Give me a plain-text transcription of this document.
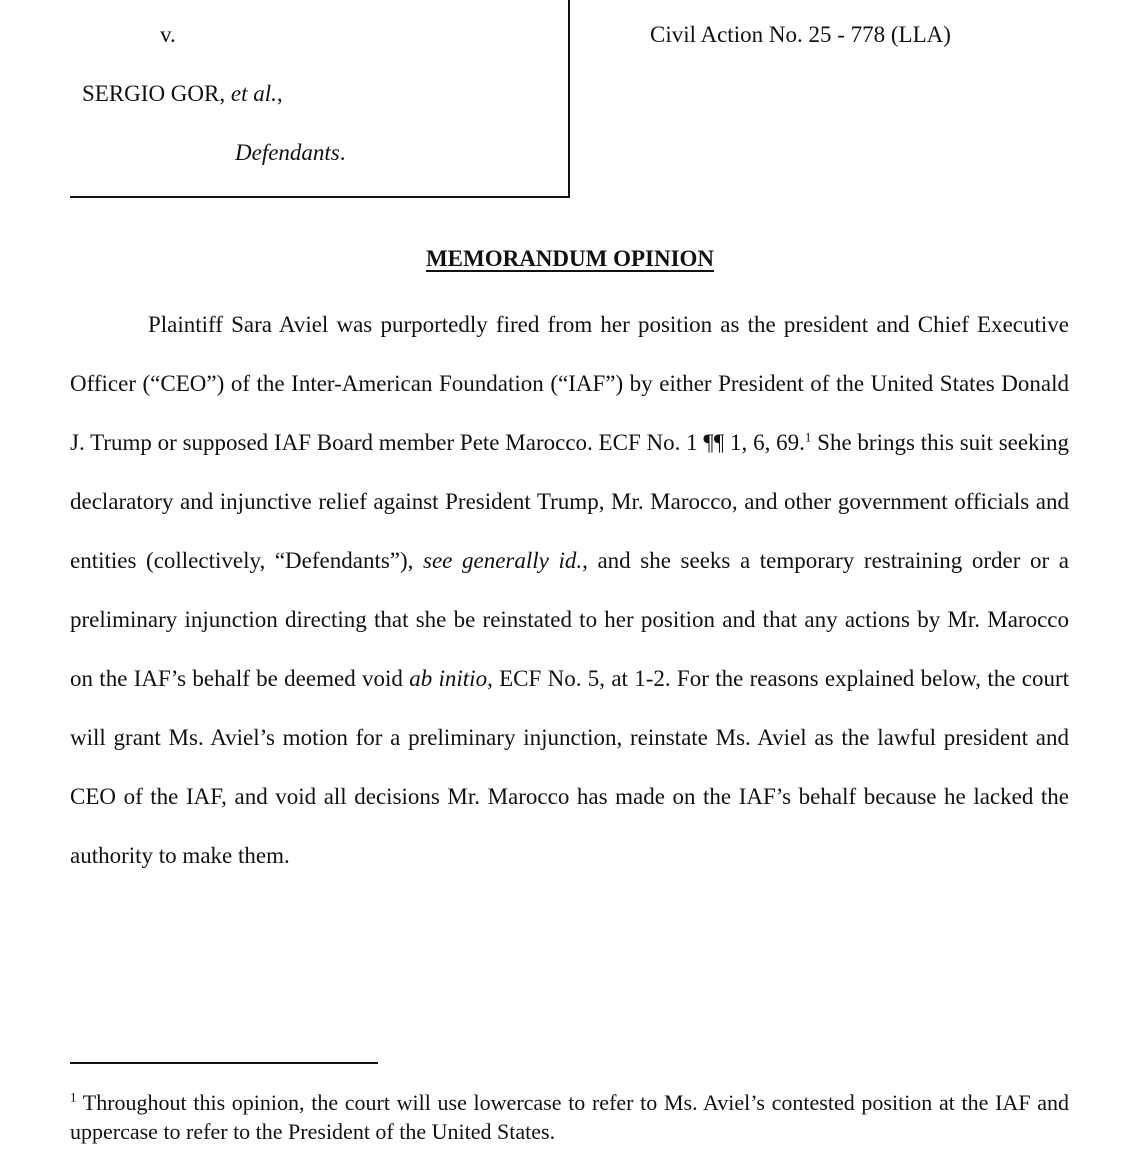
v.
SERGIO GOR, et al.,
Defendants.
Civil Action No. 25 - 778 (LLA)
MEMORANDUM OPINION

Plaintiff Sara Aviel was purportedly fired from her position as the president and Chief Executive Officer (“CEO”) of the Inter-American Foundation (“IAF”) by either President of the United States Donald J. Trump or supposed IAF Board member Pete Marocco. ECF No. 1 ¶¶ 1, 6, 69.$^1$ She brings this suit seeking declaratory and injunctive relief against President Trump, Mr. Marocco, and other government officials and entities (collectively, “Defendants”), see generally id., and she seeks a temporary restraining order or a preliminary injunction directing that she be reinstated to her position and that any actions by Mr. Marocco on the IAF’s behalf be deemed void ab initio, ECF No. 5, at 1-2. For the reasons explained below, the court will grant Ms. Aviel’s motion for a preliminary injunction, reinstate Ms. Aviel as the lawful president and CEO of the IAF, and void all decisions Mr. Marocco has made on the IAF’s behalf because he lacked the authority to make them.

$^1$ Throughout this opinion, the court will use lowercase to refer to Ms. Aviel’s contested position at the IAF and uppercase to refer to the President of the United States.
